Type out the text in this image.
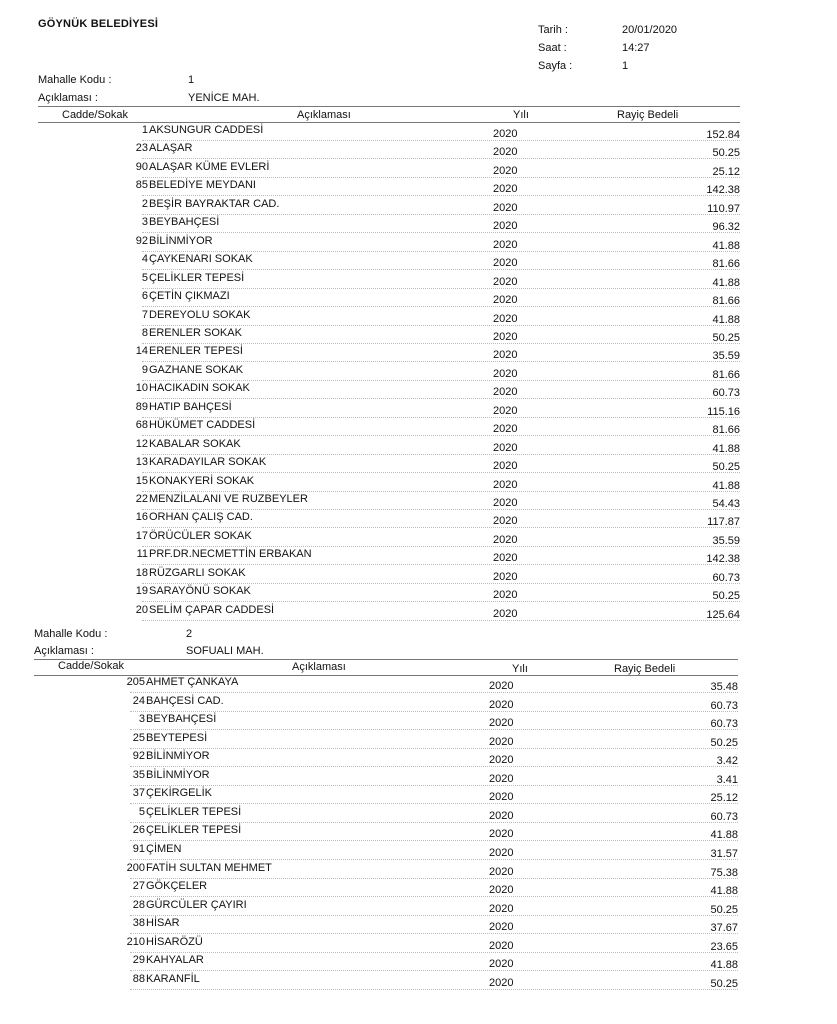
GÖYNÜK BELEDİYESİ	Tarih :	20/01/2020
Saat :	14:27
Sayfa :	1
Mahalle Kodu :	1
Açıklaması :	YENİCE MAH.
Cadde/Sokak	Açıklaması	Yılı	Rayiç Bedeli
1 AKSUNGUR CADDESİ	2020	152.84
23 ALAŞAR	2020	50.25
90 ALAŞAR KÜME EVLERİ	2020	25.12
85 BELEDİYE MEYDANI	2020	142.38
2 BEŞİR BAYRAKTAR CAD.	2020	110.97
3 BEYBAHÇESİ	2020	96.32
92 BİLİNMİYOR	2020	41.88
4 ÇAYKENARI SOKAK	2020	81.66
5 ÇELİKLER TEPESİ	2020	41.88
6 ÇETİN ÇIKMAZI	2020	81.66
7 DEREYOLU SOKAK	2020	41.88
8 ERENLER SOKAK	2020	50.25
14 ERENLER TEPESİ	2020	35.59
9 GAZHANE SOKAK	2020	81.66
10 HACIKADIN SOKAK	2020	60.73
89 HATIP BAHÇESİ	2020	115.16
68 HÜKÜMET CADDESİ	2020	81.66
12 KABALAR SOKAK	2020	41.88
13 KARADAYILAR SOKAK	2020	50.25
15 KONAKYERİ SOKAK	2020	41.88
22 MENZİLALANI VE RUZBEYLER	2020	54.43
16 ORHAN ÇALIŞ CAD.	2020	117.87
17 ÖRÜCÜLER SOKAK	2020	35.59
11 PRF.DR.NECMETTİN ERBAKAN	2020	142.38
18 RÜZGARLI SOKAK	2020	60.73
19 SARAYÖNÜ SOKAK	2020	50.25
20 SELİM ÇAPAR CADDESİ	2020	125.64
Mahalle Kodu :	2
Açıklaması :	SOFUALI MAH.
Cadde/Sokak	Açıklaması	Yılı	Rayiç Bedeli
205 AHMET ÇANKAYA	2020	35.48
24 BAHÇESİ CAD.	2020	60.73
3 BEYBAHÇESİ	2020	60.73
25 BEYTEPESİ	2020	50.25
92 BİLİNMİYOR	2020	3.42
35 BİLİNMİYOR	2020	3.41
37 ÇEKİRGELİK	2020	25.12
5 ÇELİKLER TEPESİ	2020	60.73
26 ÇELİKLER TEPESİ	2020	41.88
91 ÇİMEN	2020	31.57
200 FATİH SULTAN MEHMET	2020	75.38
27 GÖKÇELER	2020	41.88
28 GÜRCÜLER ÇAYIRI	2020	50.25
38 HİSAR	2020	37.67
210 HİSARÖZÜ	2020	23.65
29 KAHYALAR	2020	41.88
88 KARANFİL	2020	50.25
